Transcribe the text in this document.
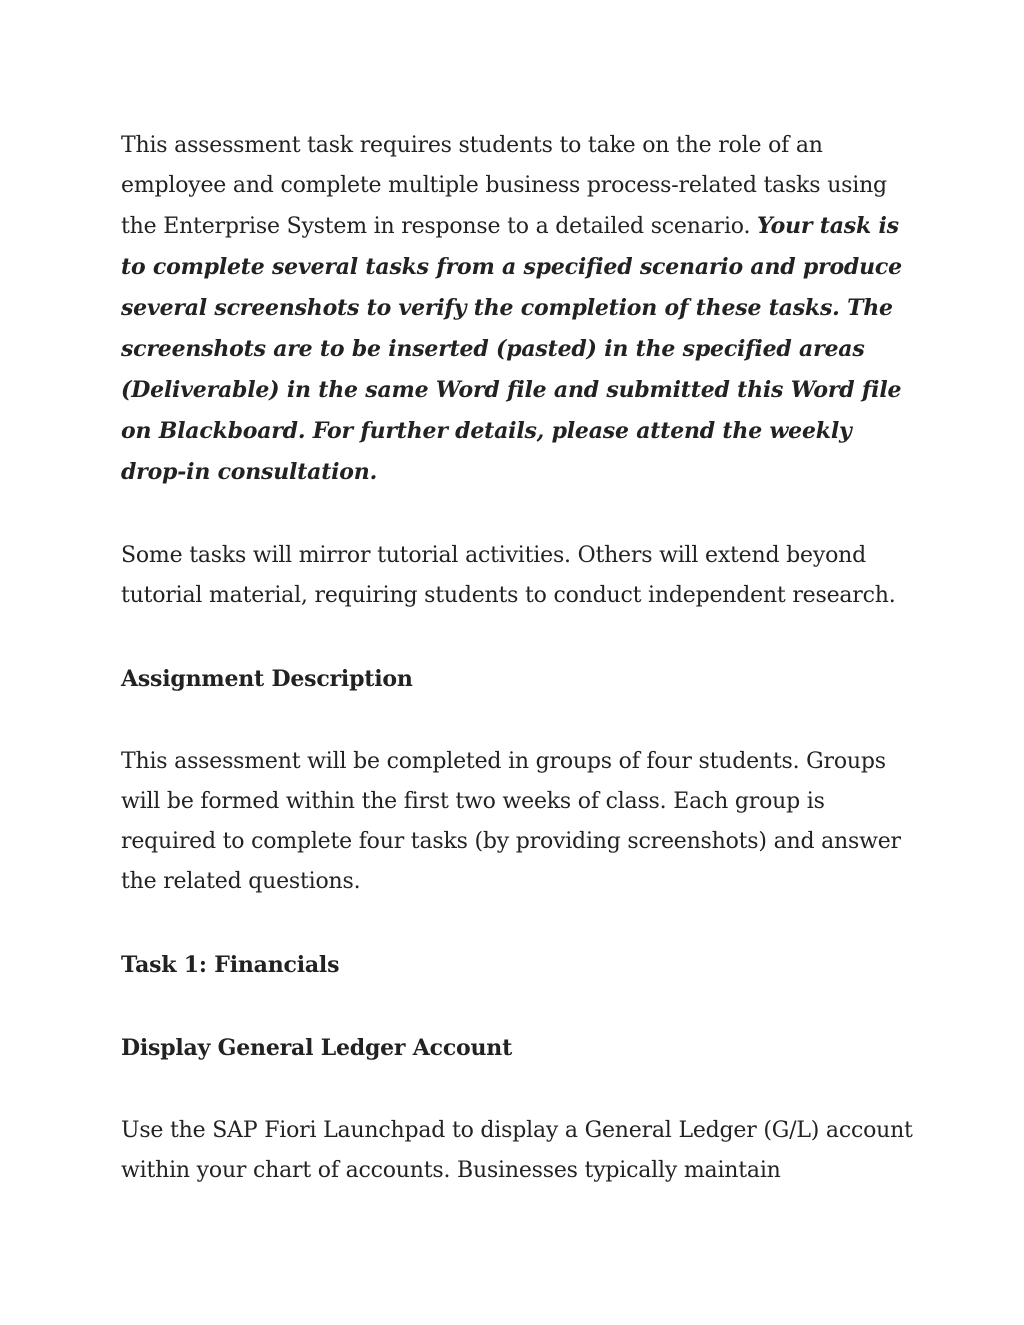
This assessment task requires students to take on the role of an employee and complete multiple business process-related tasks using the Enterprise System in response to a detailed scenario. Your task is to complete several tasks from a specified scenario and produce several screenshots to verify the completion of these tasks. The screenshots are to be inserted (pasted) in the specified areas (Deliverable) in the same Word file and submitted this Word file on Blackboard. For further details, please attend the weekly drop-in consultation.

Some tasks will mirror tutorial activities. Others will extend beyond tutorial material, requiring students to conduct independent research.

Assignment Description

This assessment will be completed in groups of four students. Groups will be formed within the first two weeks of class. Each group is required to complete four tasks (by providing screenshots) and answer the related questions.

Task 1: Financials

Display General Ledger Account

Use the SAP Fiori Launchpad to display a General Ledger (G/L) account within your chart of accounts. Businesses typically maintain
